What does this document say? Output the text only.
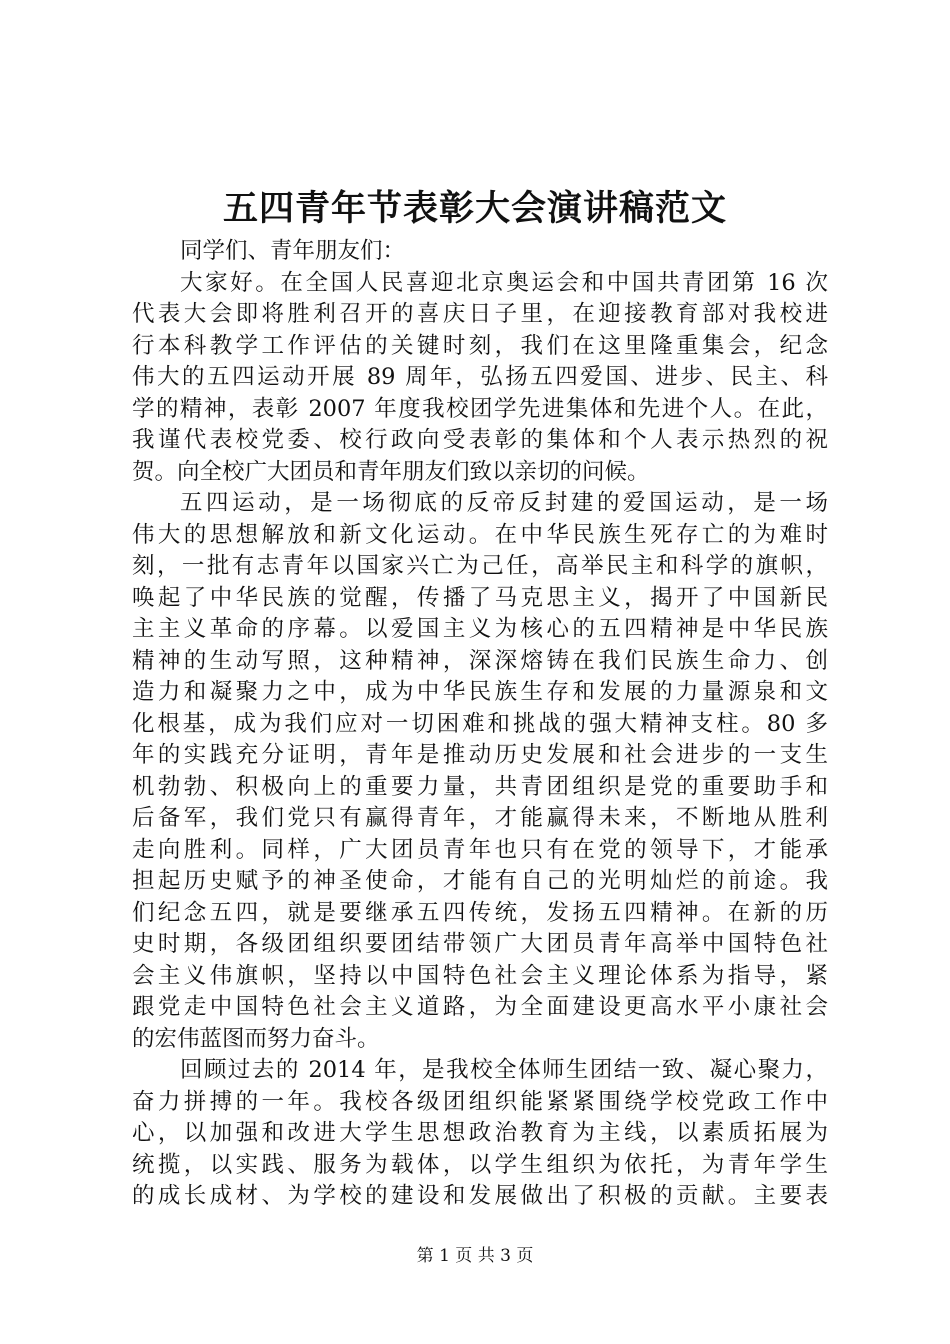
五四青年节表彰大会演讲稿范文
同学们、青年朋友们：
大家好。在全国人民喜迎北京奥运会和中国共青团第 16 次
代表大会即将胜利召开的喜庆日子里，在迎接教育部对我校进
行本科教学工作评估的关键时刻，我们在这里隆重集会，纪念
伟大的五四运动开展 89 周年，弘扬五四爱国、进步、民主、科
学的精神，表彰 2007 年度我校团学先进集体和先进个人。在此，
我谨代表校党委、校行政向受表彰的集体和个人表示热烈的祝
贺。向全校广大团员和青年朋友们致以亲切的问候。
五四运动，是一场彻底的反帝反封建的爱国运动，是一场
伟大的思想解放和新文化运动。在中华民族生死存亡的为难时
刻，一批有志青年以国家兴亡为己任，高举民主和科学的旗帜，
唤起了中华民族的觉醒，传播了马克思主义，揭开了中国新民
主主义革命的序幕。以爱国主义为核心的五四精神是中华民族
精神的生动写照，这种精神，深深熔铸在我们民族生命力、创
造力和凝聚力之中，成为中华民族生存和发展的力量源泉和文
化根基，成为我们应对一切困难和挑战的强大精神支柱。80 多
年的实践充分证明，青年是推动历史发展和社会进步的一支生
机勃勃、积极向上的重要力量，共青团组织是党的重要助手和
后备军，我们党只有赢得青年，才能赢得未来，不断地从胜利
走向胜利。同样，广大团员青年也只有在党的领导下，才能承
担起历史赋予的神圣使命，才能有自己的光明灿烂的前途。我
们纪念五四，就是要继承五四传统，发扬五四精神。在新的历
史时期，各级团组织要团结带领广大团员青年高举中国特色社
会主义伟旗帜，坚持以中国特色社会主义理论体系为指导，紧
跟党走中国特色社会主义道路，为全面建设更高水平小康社会
的宏伟蓝图而努力奋斗。
回顾过去的 2014 年，是我校全体师生团结一致、凝心聚力，
奋力拼搏的一年。我校各级团组织能紧紧围绕学校党政工作中
心，以加强和改进大学生思想政治教育为主线，以素质拓展为
统揽，以实践、服务为载体，以学生组织为依托，为青年学生
的成长成材、为学校的建设和发展做出了积极的贡献。主要表
第 1 页 共 3 页
